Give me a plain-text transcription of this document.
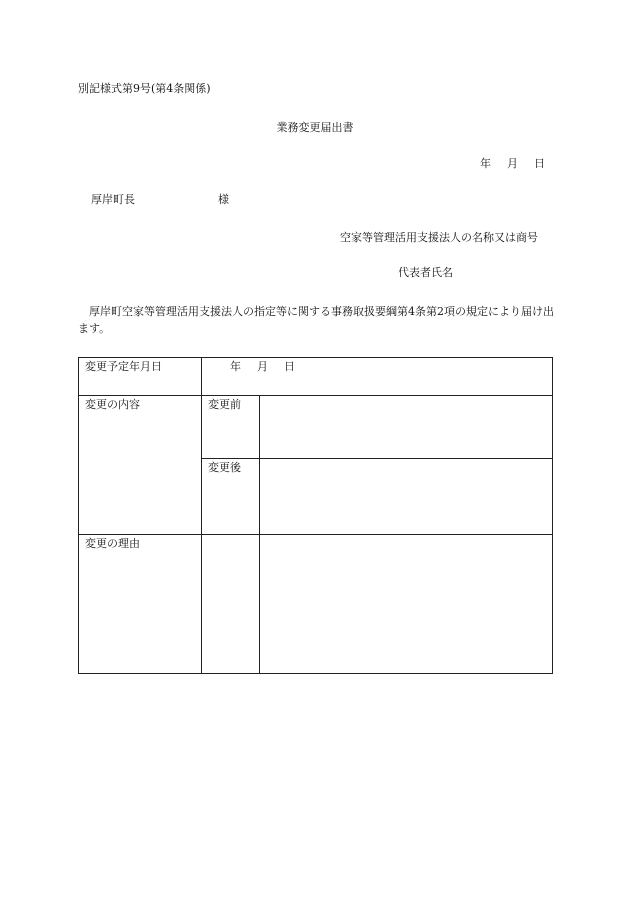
別記様式第9号(第4条関係)
業務変更届出書
年 月 日
厚岸町長	様
空家等管理活用支援法人の名称又は商号
代表者氏名
厚岸町空家等管理活用支援法人の指定等に関する事務取扱要綱第4条第2項の規定により届け出ます。
変更予定年月日	年 月 日	
変更の内容	変更前	
	変更後	
変更の理由		
